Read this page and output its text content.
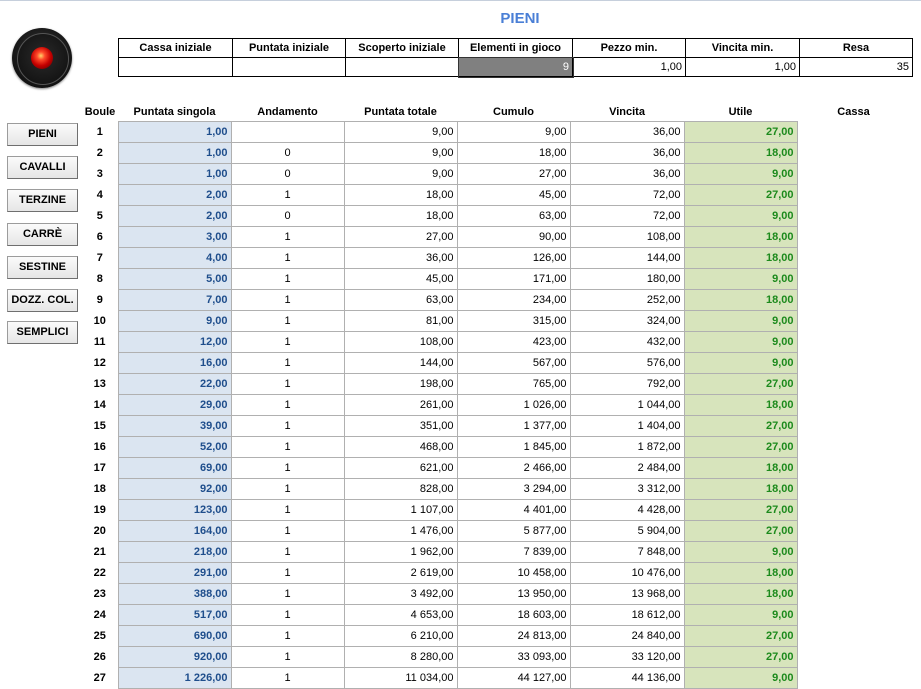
PIENI
Cassa iniziale	Puntata iniziale	Scoperto iniziale	Elementi in gioco	Pezzo min.	Vincita min.	Resa
			9	1,00	1,00	35
PIENI
CAVALLI
TERZINE
CARRÈ
SESTINE
DOZZ. COL.
SEMPLICI
Boule	Puntata singola	Andamento	Puntata totale	Cumulo	Vincita	Utile	Cassa
1	1,00		9,00	9,00	36,00	27,00	
2	1,00	0	9,00	18,00	36,00	18,00	
3	1,00	0	9,00	27,00	36,00	9,00	
4	2,00	1	18,00	45,00	72,00	27,00	
5	2,00	0	18,00	63,00	72,00	9,00	
6	3,00	1	27,00	90,00	108,00	18,00	
7	4,00	1	36,00	126,00	144,00	18,00	
8	5,00	1	45,00	171,00	180,00	9,00	
9	7,00	1	63,00	234,00	252,00	18,00	
10	9,00	1	81,00	315,00	324,00	9,00	
11	12,00	1	108,00	423,00	432,00	9,00	
12	16,00	1	144,00	567,00	576,00	9,00	
13	22,00	1	198,00	765,00	792,00	27,00	
14	29,00	1	261,00	1 026,00	1 044,00	18,00	
15	39,00	1	351,00	1 377,00	1 404,00	27,00	
16	52,00	1	468,00	1 845,00	1 872,00	27,00	
17	69,00	1	621,00	2 466,00	2 484,00	18,00	
18	92,00	1	828,00	3 294,00	3 312,00	18,00	
19	123,00	1	1 107,00	4 401,00	4 428,00	27,00	
20	164,00	1	1 476,00	5 877,00	5 904,00	27,00	
21	218,00	1	1 962,00	7 839,00	7 848,00	9,00	
22	291,00	1	2 619,00	10 458,00	10 476,00	18,00	
23	388,00	1	3 492,00	13 950,00	13 968,00	18,00	
24	517,00	1	4 653,00	18 603,00	18 612,00	9,00	
25	690,00	1	6 210,00	24 813,00	24 840,00	27,00	
26	920,00	1	8 280,00	33 093,00	33 120,00	27,00	
27	1 226,00	1	11 034,00	44 127,00	44 136,00	9,00	
